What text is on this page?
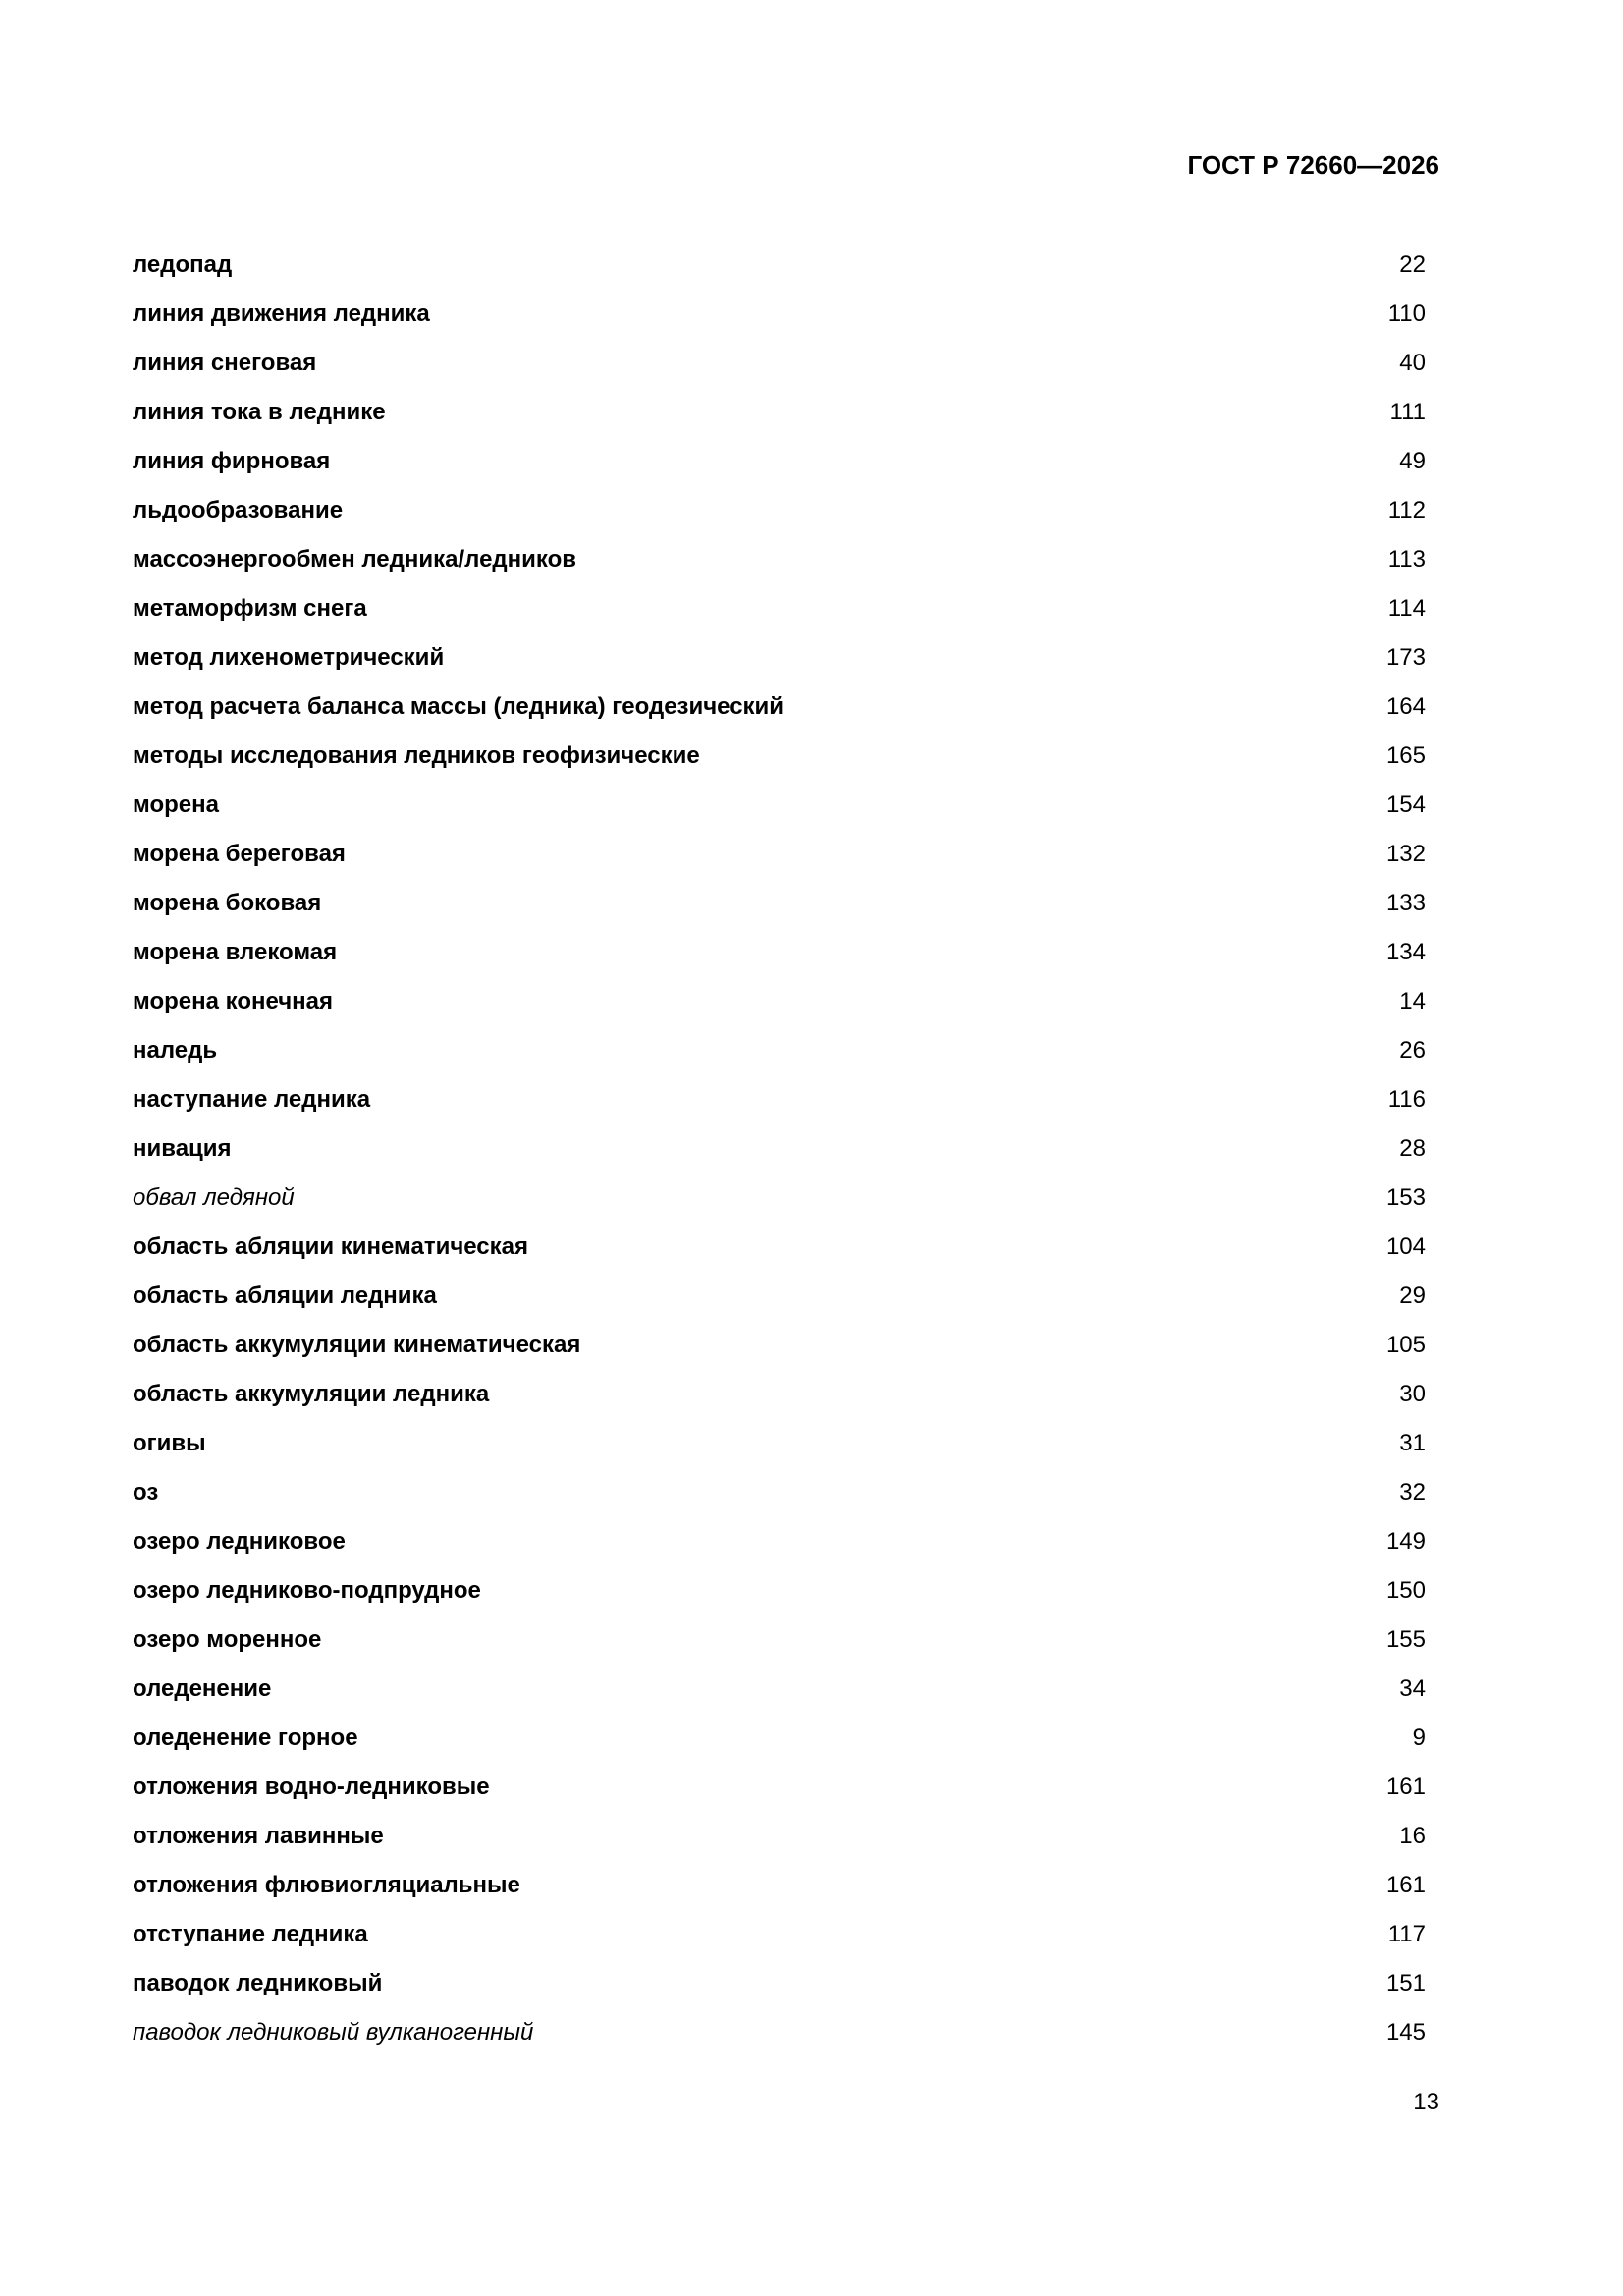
ГОСТ Р 72660—2026
ледопад	22
линия движения ледника	110
линия снеговая	40
линия тока в леднике	111
линия фирновая	49
льдообразование	112
массоэнергообмен ледника/ледников	113
метаморфизм снега	114
метод лихенометрический	173
метод расчета баланса массы (ледника) геодезический	164
методы исследования ледников геофизические	165
морена	154
морена береговая	132
морена боковая	133
морена влекомая	134
морена конечная	14
наледь	26
наступание ледника	116
нивация	28
обвал ледяной	153
область абляции кинематическая	104
область абляции ледника	29
область аккумуляции кинематическая	105
область аккумуляции ледника	30
огивы	31
оз	32
озеро ледниковое	149
озеро ледниково-подпрудное	150
озеро моренное	155
оледенение	34
оледенение горное	9
отложения водно-ледниковые	161
отложения лавинные	16
отложения флювиогляциальные	161
отступание ледника	117
паводок ледниковый	151
паводок ледниковый вулканогенный	145
13
